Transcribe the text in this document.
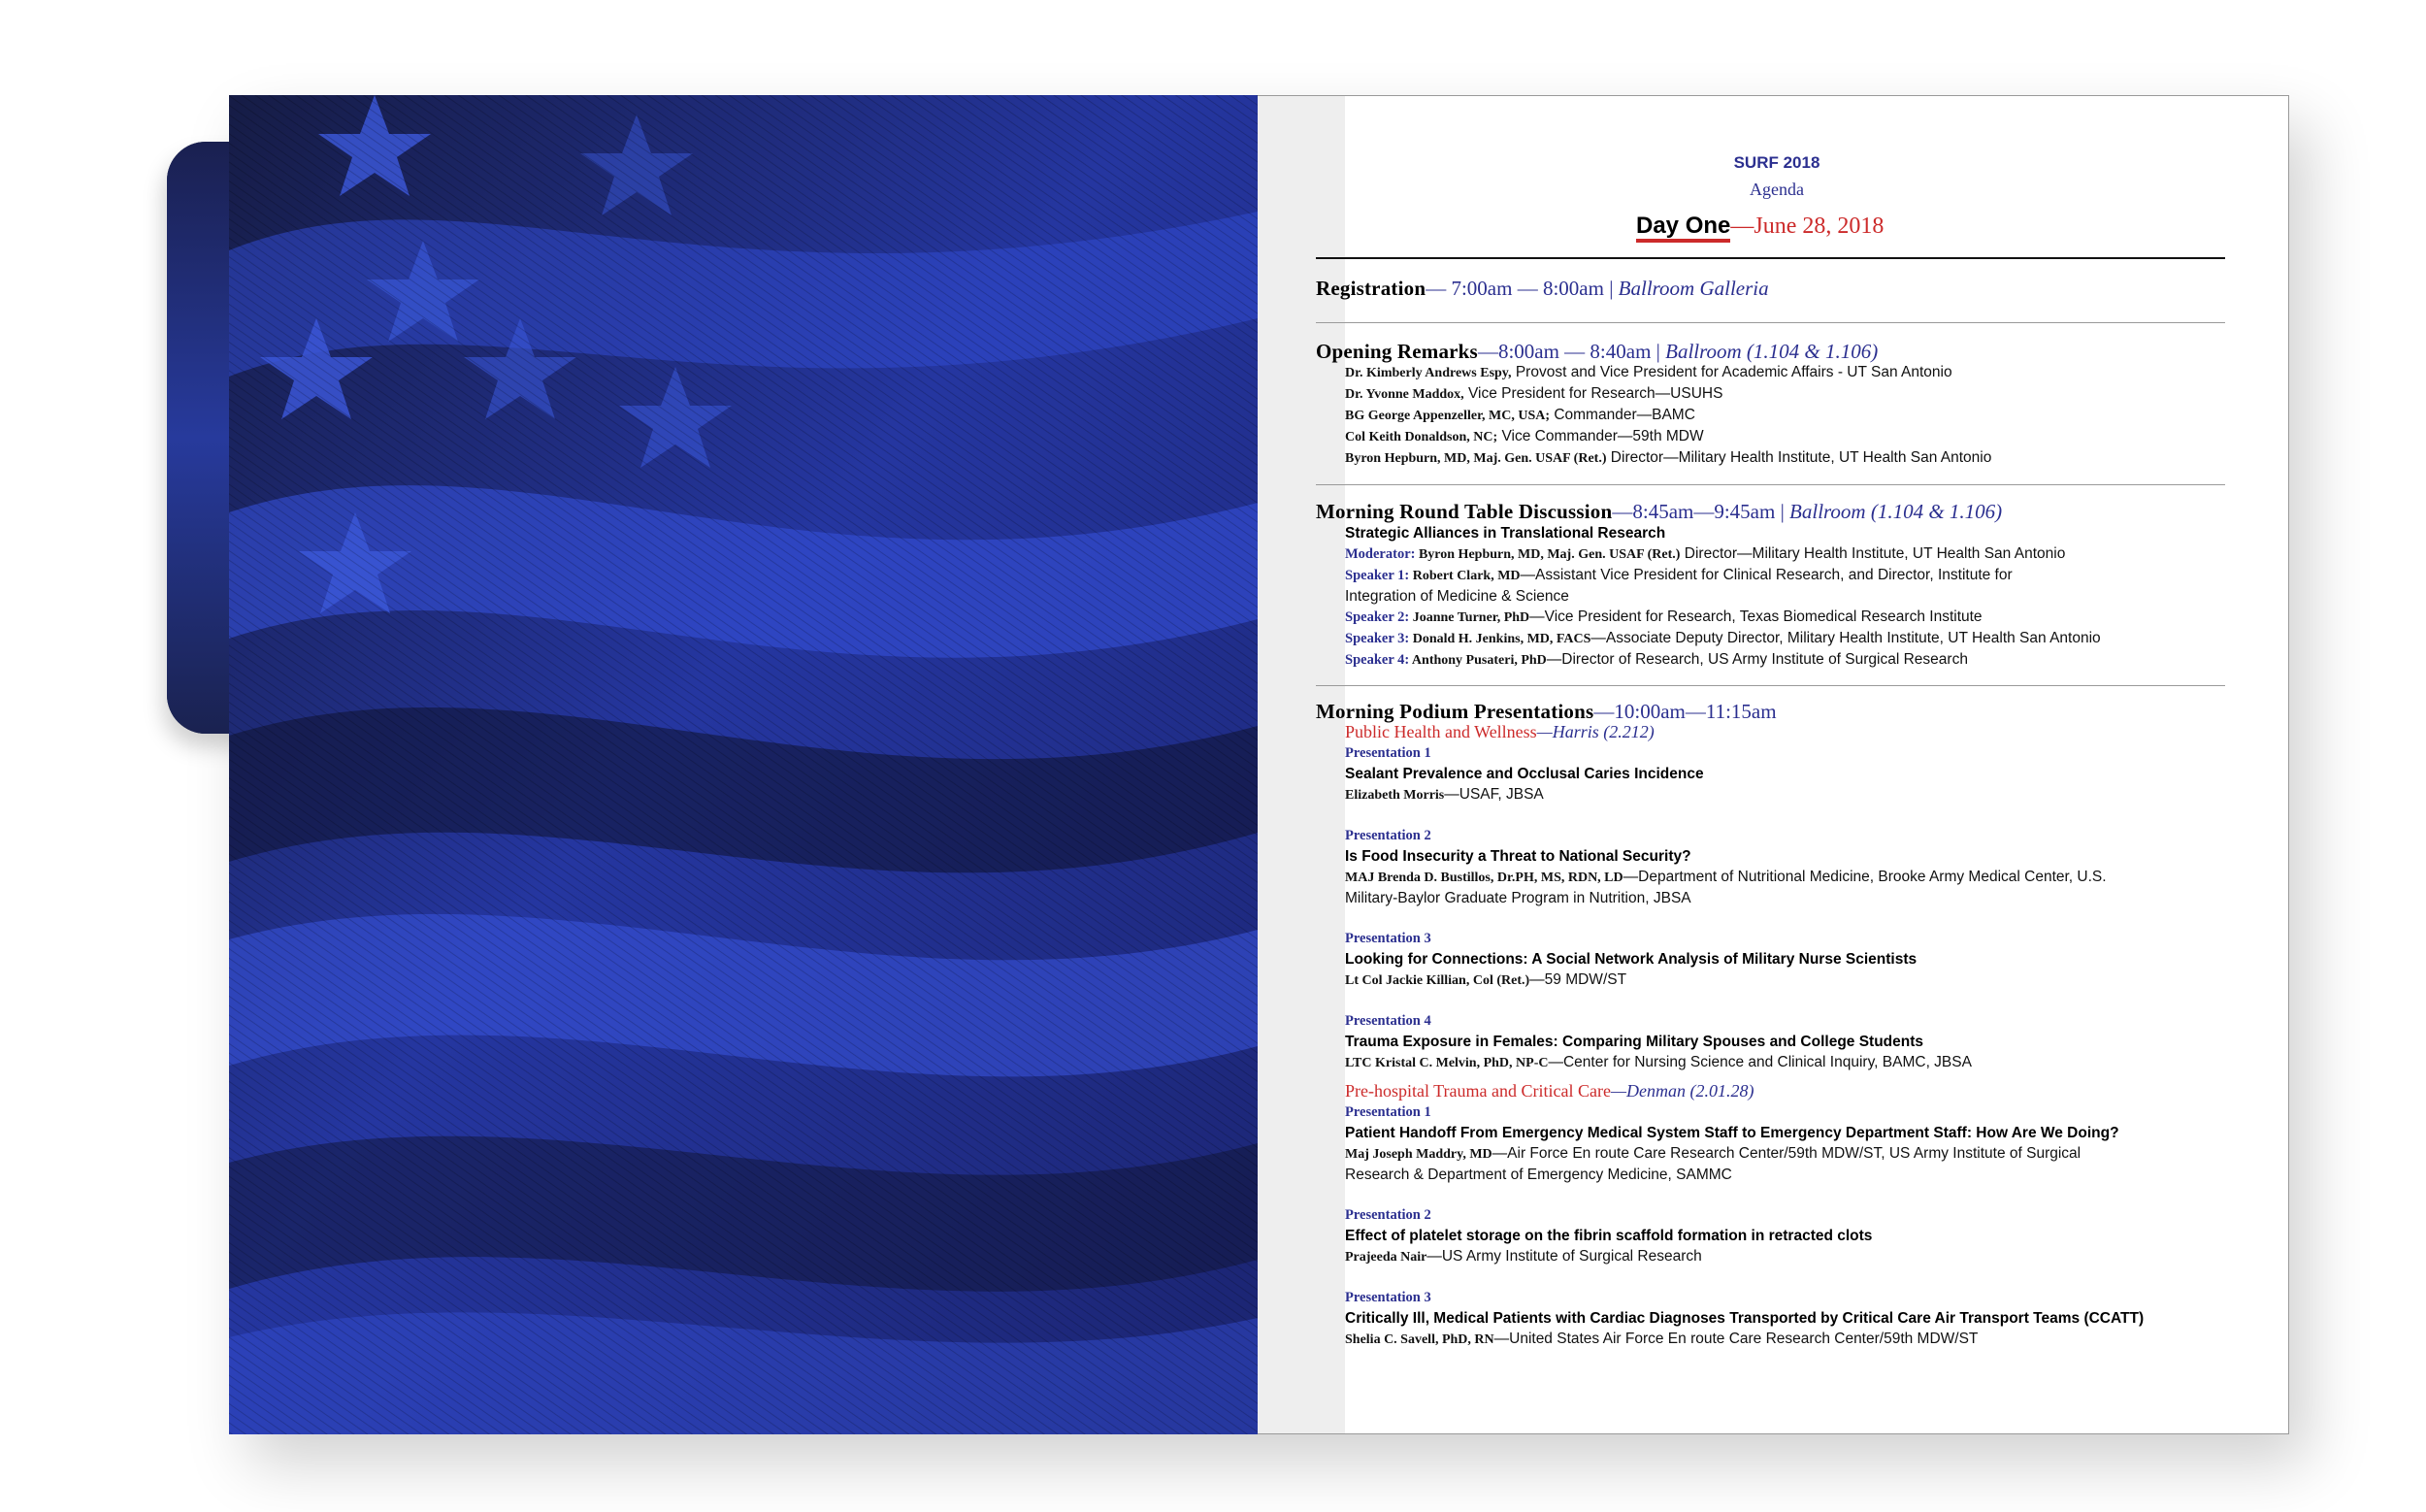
SURF 2018
Agenda
Day One—June 28, 2018
Registration— 7:00am — 8:00am | Ballroom Galleria
Opening Remarks—8:00am — 8:40am | Ballroom (1.104 & 1.106)
Dr. Kimberly Andrews Espy, Provost and Vice President for Academic Affairs - UT San Antonio
Dr. Yvonne Maddox, Vice President for Research—USUHS
BG George Appenzeller, MC, USA; Commander—BAMC
Col Keith Donaldson, NC; Vice Commander—59th MDW
Byron Hepburn, MD, Maj. Gen. USAF (Ret.) Director—Military Health Institute, UT Health San Antonio
Morning Round Table Discussion—8:45am—9:45am | Ballroom (1.104 & 1.106)
Strategic Alliances in Translational Research
Moderator: Byron Hepburn, MD, Maj. Gen. USAF (Ret.) Director—Military Health Institute, UT Health San Antonio
Speaker 1: Robert Clark, MD—Assistant Vice President for Clinical Research, and Director, Institute for
Integration of Medicine & Science
Speaker 2: Joanne Turner, PhD—Vice President for Research, Texas Biomedical Research Institute
Speaker 3: Donald H. Jenkins, MD, FACS—Associate Deputy Director, Military Health Institute, UT Health San Antonio
Speaker 4: Anthony Pusateri, PhD—Director of Research, US Army Institute of Surgical Research
Morning Podium Presentations—10:00am—11:15am
Public Health and Wellness—Harris (2.212)
Presentation 1
Sealant Prevalence and Occlusal Caries Incidence
Elizabeth Morris—USAF, JBSA
Presentation 2
Is Food Insecurity a Threat to National Security?
MAJ Brenda D. Bustillos, Dr.PH, MS, RDN, LD—Department of Nutritional Medicine, Brooke Army Medical Center, U.S.
Military-Baylor Graduate Program in Nutrition, JBSA
Presentation 3
Looking for Connections: A Social Network Analysis of Military Nurse Scientists
Lt Col Jackie Killian, Col (Ret.)—59 MDW/ST
Presentation 4
Trauma Exposure in Females: Comparing Military Spouses and College Students
LTC Kristal C. Melvin, PhD, NP-C—Center for Nursing Science and Clinical Inquiry, BAMC, JBSA
Pre-hospital Trauma and Critical Care—Denman (2.01.28)
Presentation 1
Patient Handoff From Emergency Medical System Staff to Emergency Department Staff: How Are We Doing?
Maj Joseph Maddry, MD—Air Force En route Care Research Center/59th MDW/ST, US Army Institute of Surgical
Research & Department of Emergency Medicine, SAMMC
Presentation 2
Effect of platelet storage on the fibrin scaffold formation in retracted clots
Prajeeda Nair—US Army Institute of Surgical Research
Presentation 3
Critically Ill, Medical Patients with Cardiac Diagnoses Transported by Critical Care Air Transport Teams (CCATT)
Shelia C. Savell, PhD, RN—United States Air Force En route Care Research Center/59th MDW/ST
